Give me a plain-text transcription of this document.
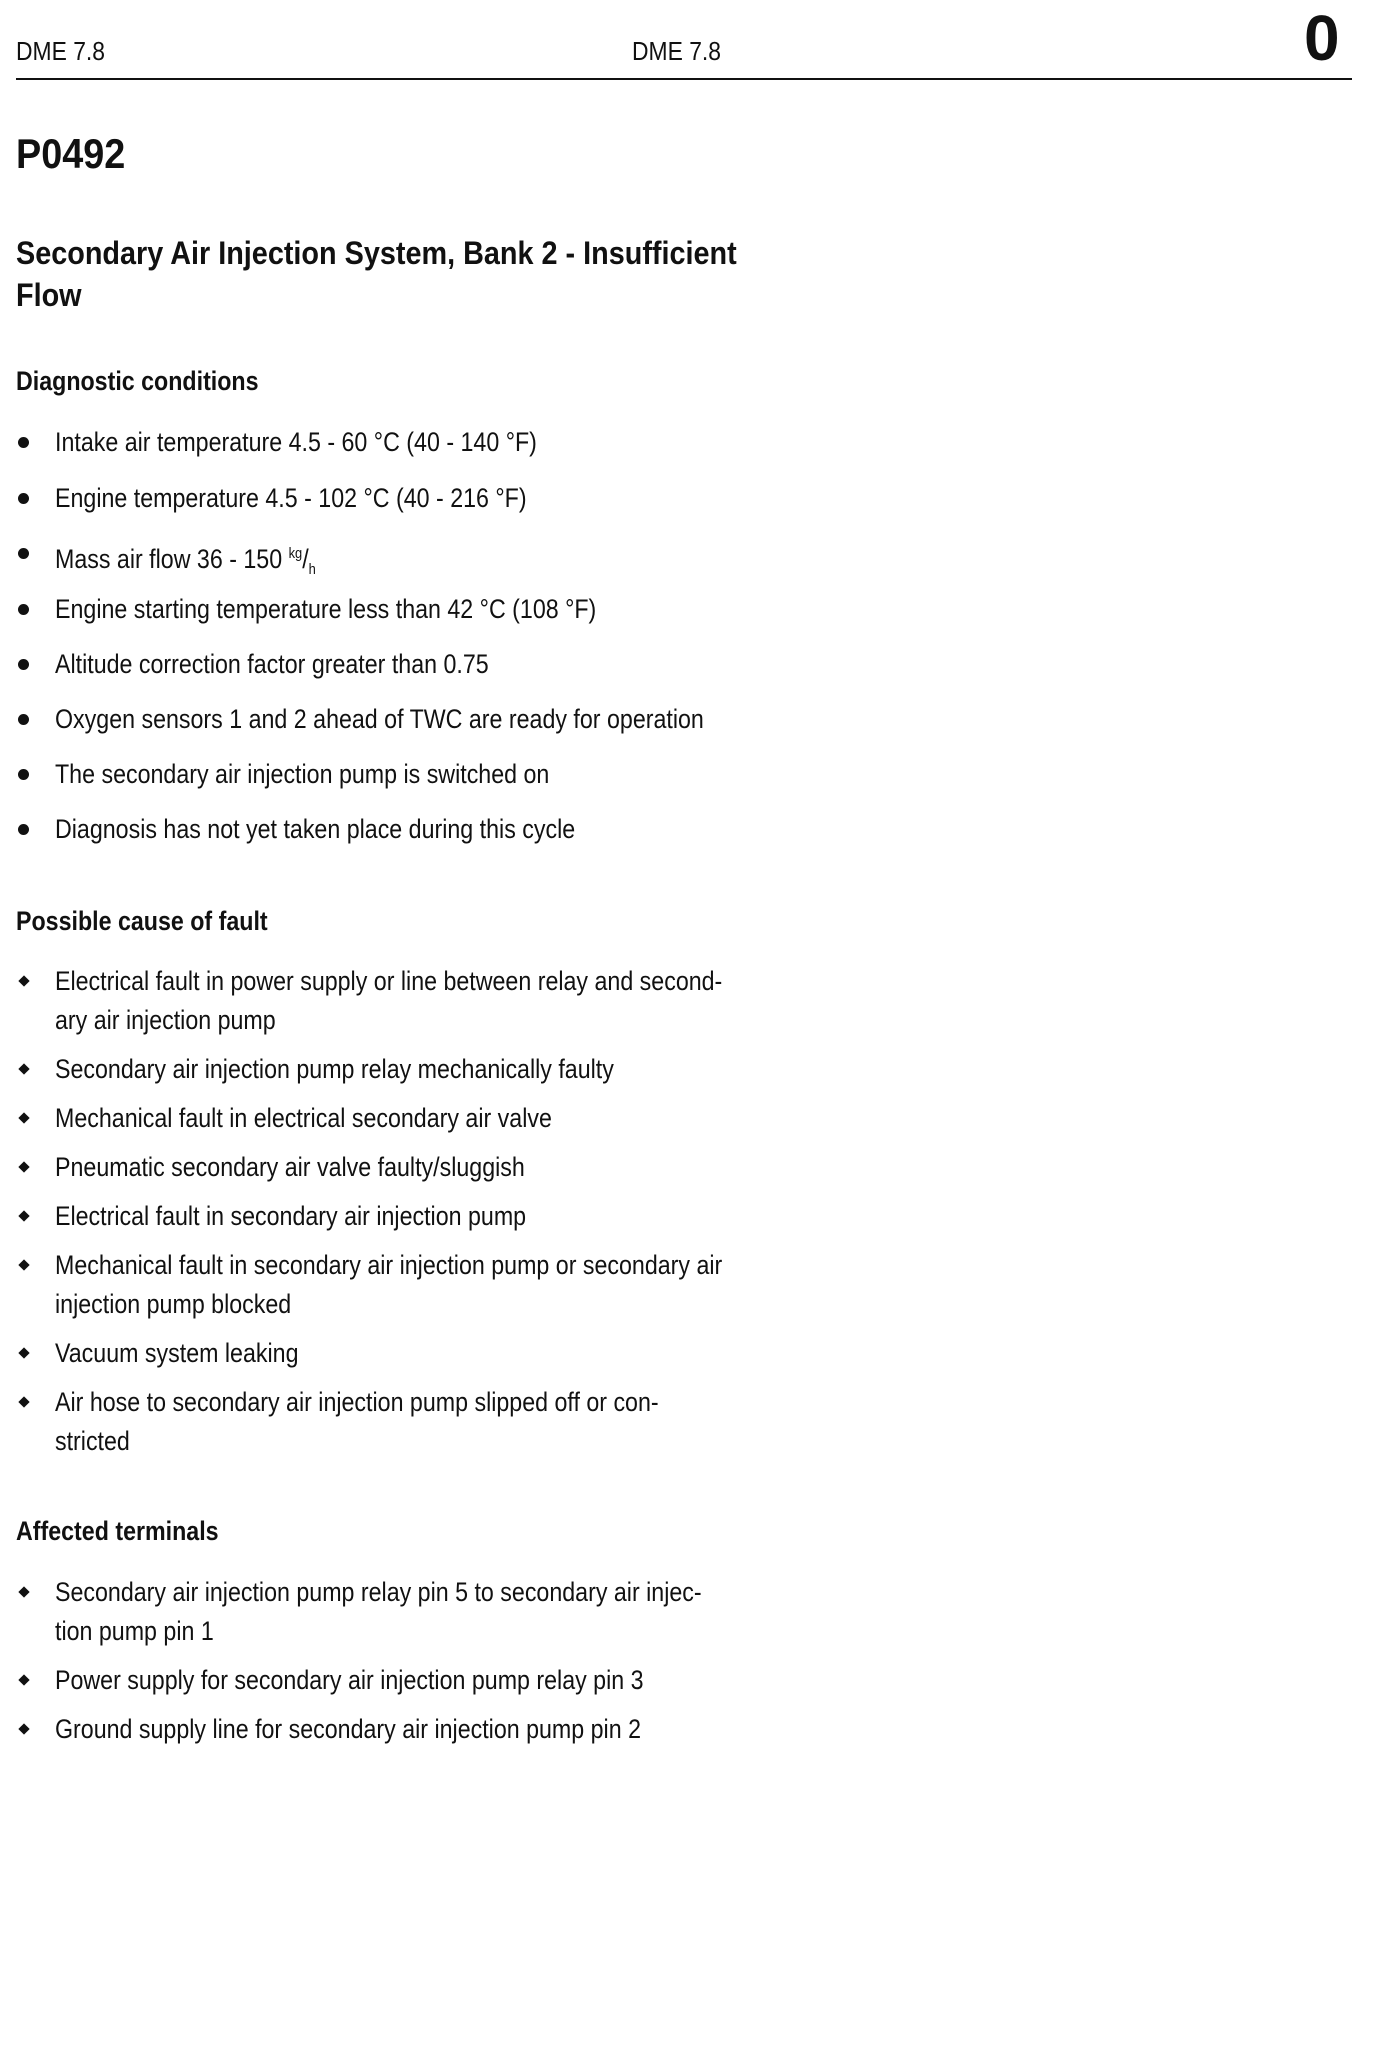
DME 7.8	DME 7.8	0
P0492
Secondary Air Injection System, Bank 2 - Insufficient Flow
Diagnostic conditions
Intake air temperature 4.5 - 60 °C (40 - 140 °F)
Engine temperature 4.5 - 102 °C (40 - 216 °F)
Mass air flow 36 - 150 $^{kg}/_h$
Engine starting temperature less than 42 °C (108 °F)
Altitude correction factor greater than 0.75
Oxygen sensors 1 and 2 ahead of TWC are ready for operation
The secondary air injection pump is switched on
Diagnosis has not yet taken place during this cycle
Possible cause of fault
Electrical fault in power supply or line between relay and second-
ary air injection pump
Secondary air injection pump relay mechanically faulty
Mechanical fault in electrical secondary air valve
Pneumatic secondary air valve faulty/sluggish
Electrical fault in secondary air injection pump
Mechanical fault in secondary air injection pump or secondary air
injection pump blocked
Vacuum system leaking
Air hose to secondary air injection pump slipped off or con-
stricted
Affected terminals
Secondary air injection pump relay pin 5 to secondary air injec-
tion pump pin 1
Power supply for secondary air injection pump relay pin 3
Ground supply line for secondary air injection pump pin 2
